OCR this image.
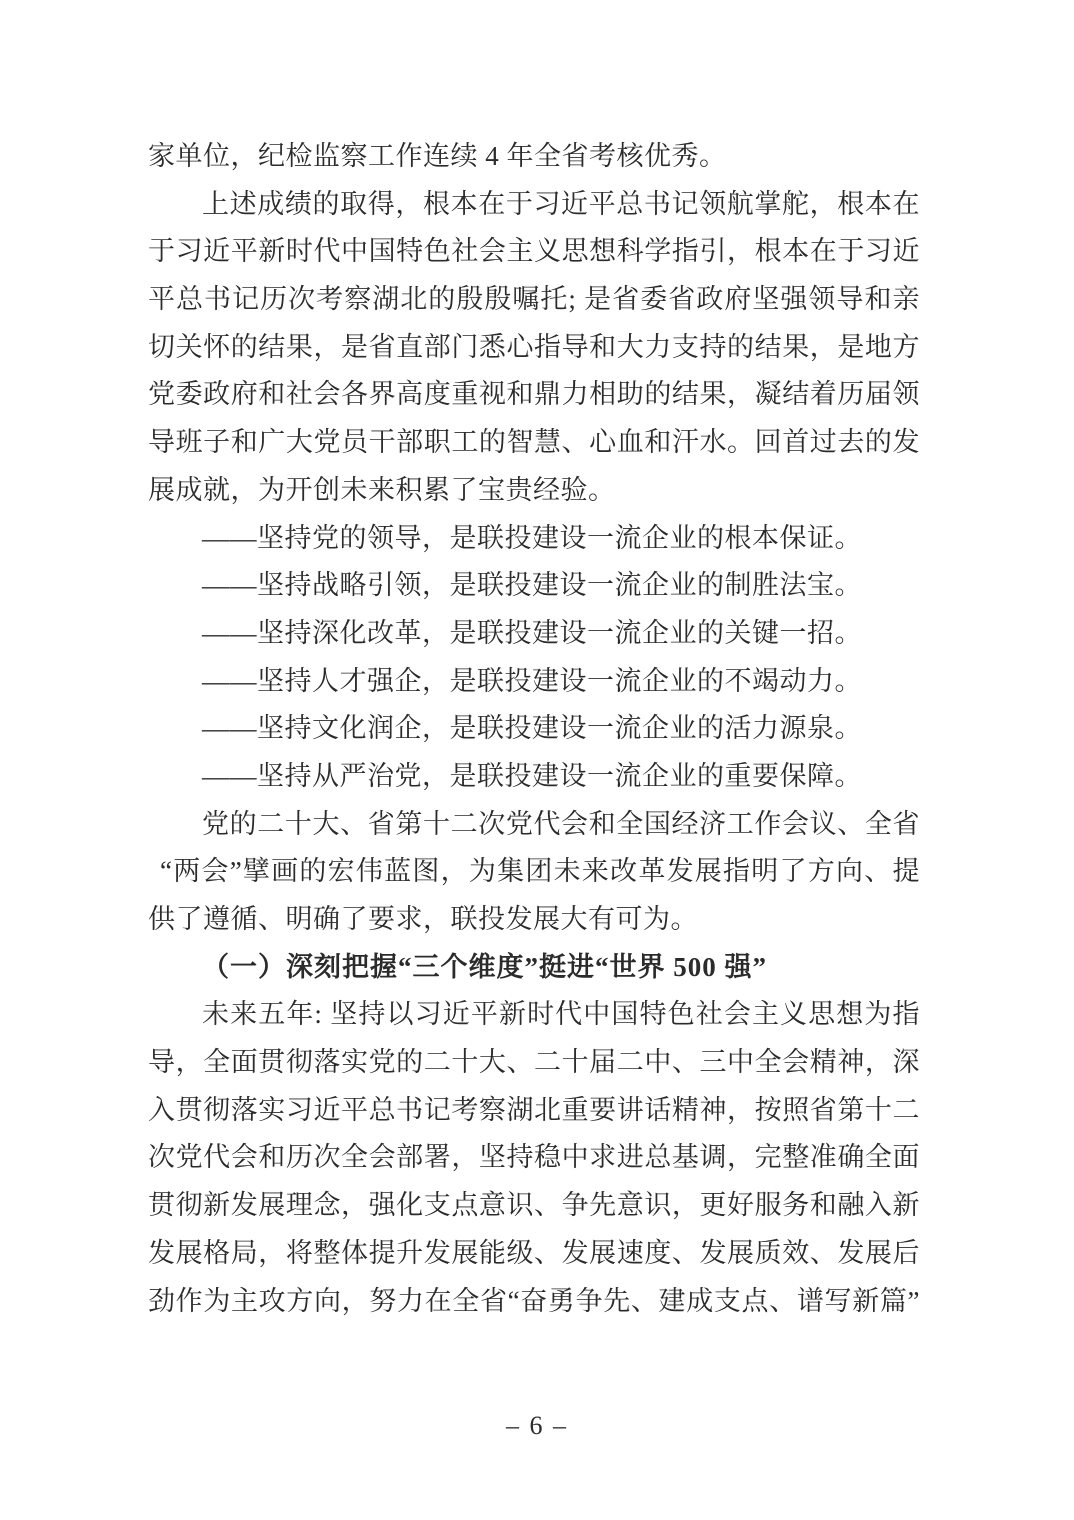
家单位，纪检监察工作连续 4 年全省考核优秀。
上述成绩的取得，根本在于习近平总书记领航掌舵，根本在
于习近平新时代中国特色社会主义思想科学指引，根本在于习近
平总书记历次考察湖北的殷殷嘱托; 是省委省政府坚强领导和亲
切关怀的结果，是省直部门悉心指导和大力支持的结果，是地方
党委政府和社会各界高度重视和鼎力相助的结果，凝结着历届领
导班子和广大党员干部职工的智慧、心血和汗水。回首过去的发
展成就，为开创未来积累了宝贵经验。
——坚持党的领导，是联投建设一流企业的根本保证。
——坚持战略引领，是联投建设一流企业的制胜法宝。
——坚持深化改革，是联投建设一流企业的关键一招。
——坚持人才强企，是联投建设一流企业的不竭动力。
——坚持文化润企，是联投建设一流企业的活力源泉。
——坚持从严治党，是联投建设一流企业的重要保障。
党的二十大、省第十二次党代会和全国经济工作会议、全省
“两会”擘画的宏伟蓝图，为集团未来改革发展指明了方向、提
供了遵循、明确了要求，联投发展大有可为。
（一）深刻把握“三个维度”挺进“世界 500 强”
未来五年: 坚持以习近平新时代中国特色社会主义思想为指
导，全面贯彻落实党的二十大、二十届二中、三中全会精神，深
入贯彻落实习近平总书记考察湖北重要讲话精神，按照省第十二
次党代会和历次全会部署，坚持稳中求进总基调，完整准确全面
贯彻新发展理念，强化支点意识、争先意识，更好服务和融入新
发展格局，将整体提升发展能级、发展速度、发展质效、发展后
劲作为主攻方向，努力在全省“奋勇争先、建成支点、谱写新篇”
– 6 –
